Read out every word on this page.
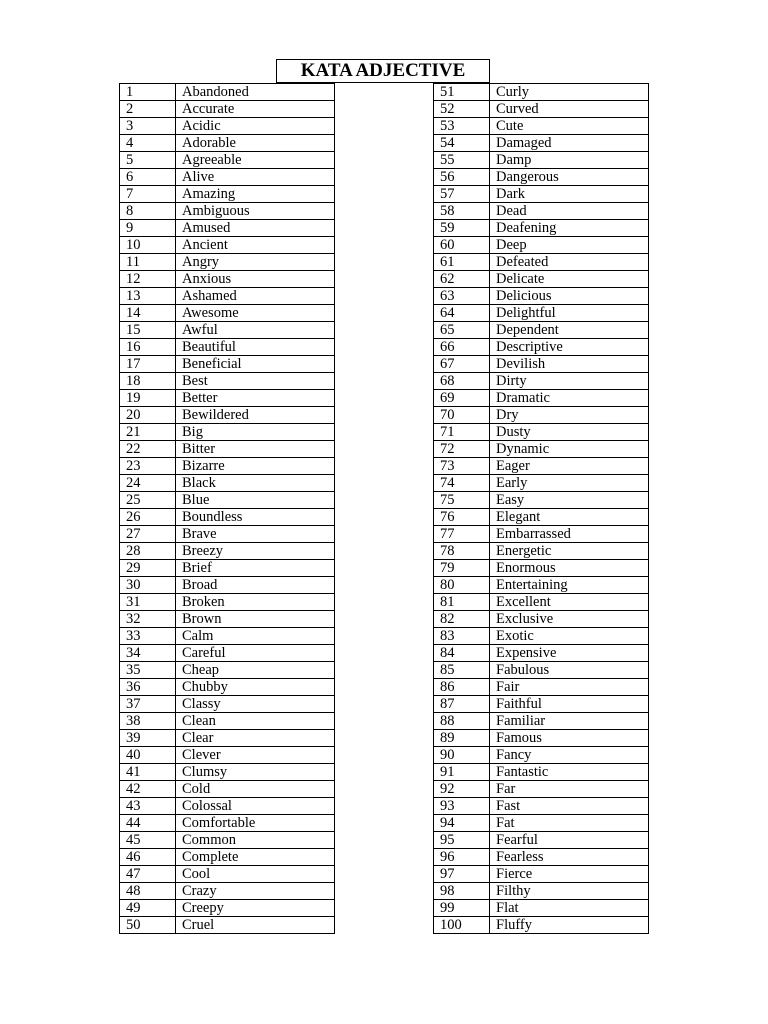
KATA ADJECTIVE
1	Abandoned
2	Accurate
3	Acidic
4	Adorable
5	Agreeable
6	Alive
7	Amazing
8	Ambiguous
9	Amused
10	Ancient
11	Angry
12	Anxious
13	Ashamed
14	Awesome
15	Awful
16	Beautiful
17	Beneficial
18	Best
19	Better
20	Bewildered
21	Big
22	Bitter
23	Bizarre
24	Black
25	Blue
26	Boundless
27	Brave
28	Breezy
29	Brief
30	Broad
31	Broken
32	Brown
33	Calm
34	Careful
35	Cheap
36	Chubby
37	Classy
38	Clean
39	Clear
40	Clever
41	Clumsy
42	Cold
43	Colossal
44	Comfortable
45	Common
46	Complete
47	Cool
48	Crazy
49	Creepy
50	Cruel
51	Curly
52	Curved
53	Cute
54	Damaged
55	Damp
56	Dangerous
57	Dark
58	Dead
59	Deafening
60	Deep
61	Defeated
62	Delicate
63	Delicious
64	Delightful
65	Dependent
66	Descriptive
67	Devilish
68	Dirty
69	Dramatic
70	Dry
71	Dusty
72	Dynamic
73	Eager
74	Early
75	Easy
76	Elegant
77	Embarrassed
78	Energetic
79	Enormous
80	Entertaining
81	Excellent
82	Exclusive
83	Exotic
84	Expensive
85	Fabulous
86	Fair
87	Faithful
88	Familiar
89	Famous
90	Fancy
91	Fantastic
92	Far
93	Fast
94	Fat
95	Fearful
96	Fearless
97	Fierce
98	Filthy
99	Flat
100	Fluffy
